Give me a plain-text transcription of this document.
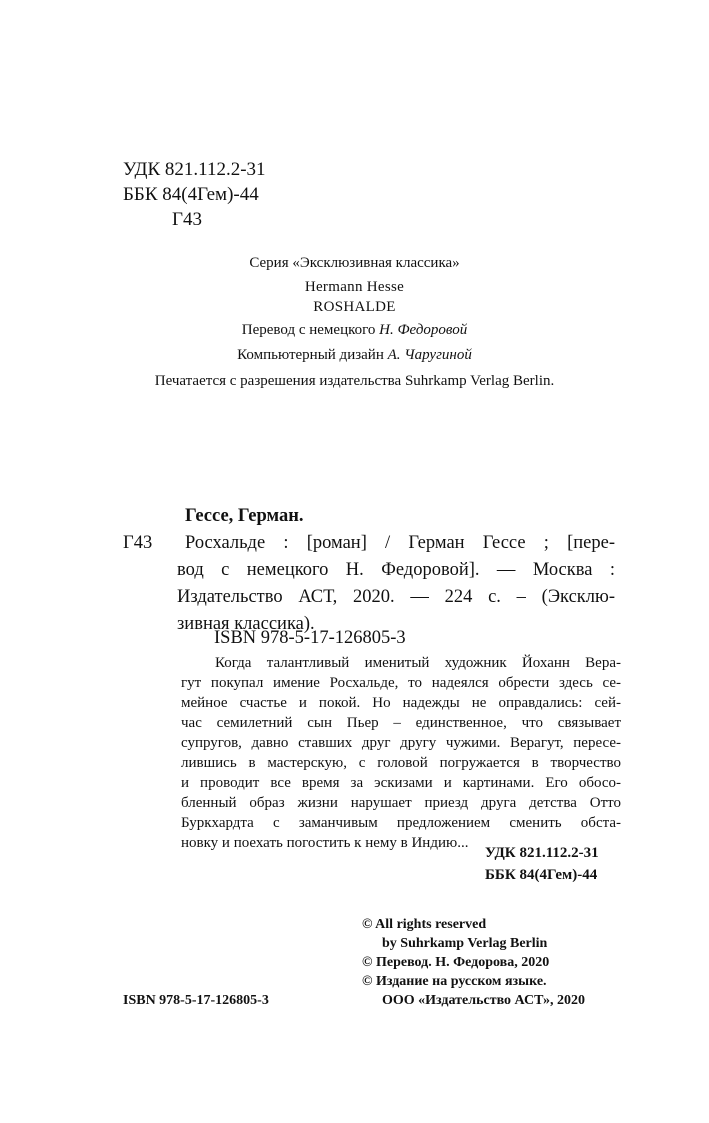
УДК 821.112.2-31
ББК 84(4Гем)-44
Г43
Серия «Эксклюзивная классика»
Hermann Hesse
ROSHALDE
Перевод с немецкого Н. Федоровой
Компьютерный дизайн А. Чаругиной
Печатается с разрешения издательства Suhrkamp Verlag Berlin.
Гессе, Герман.
Г43 Росхальде : [роман] / Герман Гессе ; [пере-
вод с немецкого Н. Федоровой]. — Москва :
Издательство АСТ, 2020. — 224 с. – (Эксклю-
зивная классика).
ISBN 978-5-17-126805-3
Когда талантливый именитый художник Йоханн Вера-
гут покупал имение Росхальде, то надеялся обрести здесь се-
мейное счастье и покой. Но надежды не оправдались: сей-
час семилетний сын Пьер – единственное, что связывает
супругов, давно ставших друг другу чужими. Верагут, пересе-
лившись в мастерскую, с головой погружается в творчество
и проводит все время за эскизами и картинами. Его обосо-
бленный образ жизни нарушает приезд друга детства Отто
Буркхардта с заманчивым предложением сменить обста-
новку и поехать погостить к нему в Индию...
УДК 821.112.2-31
ББК 84(4Гем)-44
© All rights reserved
by Suhrkamp Verlag Berlin
© Перевод. Н. Федорова, 2020
© Издание на русском языке.
ООО «Издательство АСТ», 2020
ISBN 978-5-17-126805-3
